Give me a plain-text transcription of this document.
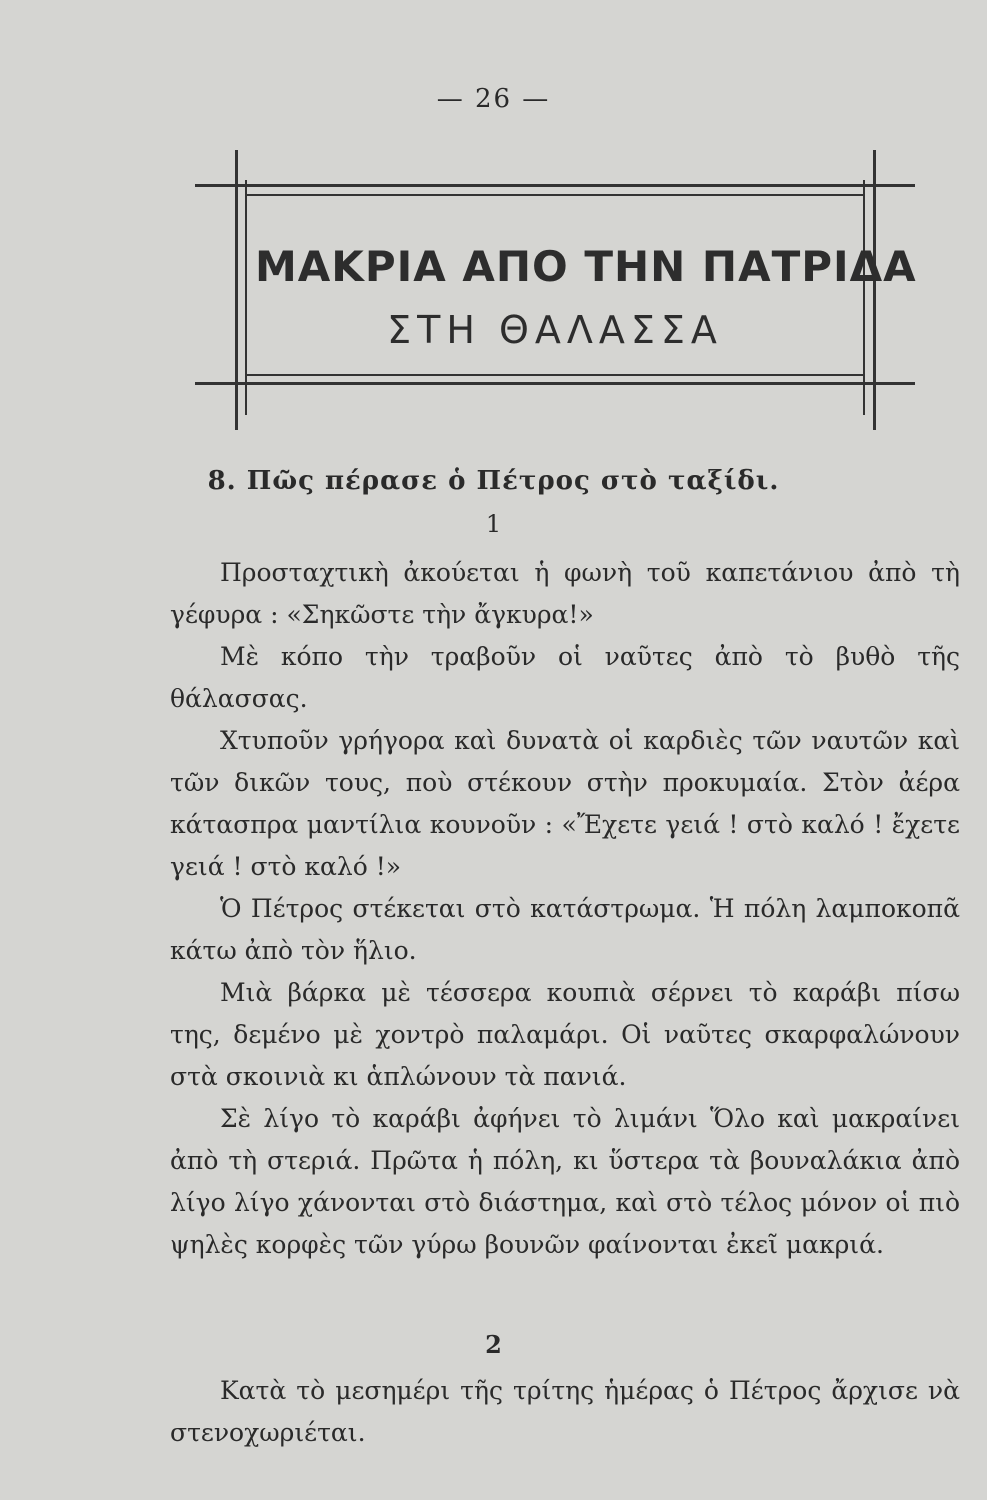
— 26 —
ΜΑΚΡΙΑ ΑΠΟ ΤΗΝ ΠΑΤΡΙΔΑ
ΣΤΗ ΘΑΛΑΣΣΑ
8. Πῶς πέρασε ὁ Πέτρος στὸ ταξίδι.
1

Προσταχτικὴ ἀκούεται ἡ φωνὴ τοῦ καπετάνιου ἀπὸ τὴ γέφυρα : «Σηκῶστε τὴν ἄγκυρα!»

Μὲ κόπο τὴν τραβοῦν οἱ ναῦτες ἀπὸ τὸ βυθὸ τῆς θάλασσας.

Χτυποῦν γρήγορα καὶ δυνατὰ οἱ καρδιὲς τῶν ναυτῶν καὶ τῶν δικῶν τους, ποὺ στέκουν στὴν προκυμαία. Στὸν ἀέρα κάτασπρα μαντίλια κουνοῦν : «Ἔχετε γειά ! στὸ καλό ! ἔχετε γειά ! στὸ καλό !»

Ὁ Πέτρος στέκεται στὸ κατάστρωμα. Ἡ πόλη λαμποκοπᾶ κάτω ἀπὸ τὸν ἥλιο.

Μιὰ βάρκα μὲ τέσσερα κουπιὰ σέρνει τὸ καράβι πίσω της, δεμένο μὲ χοντρὸ παλαμάρι. Οἱ ναῦτες σκαρφαλώνουν στὰ σκοινιὰ κι ἁπλώνουν τὰ πανιά.

Σὲ λίγο τὸ καράβι ἀφήνει τὸ λιμάνι Ὅλο καὶ μακραίνει ἀπὸ τὴ στεριά. Πρῶτα ἡ πόλη, κι ὕστερα τὰ βουναλάκια ἀπὸ λίγο λίγο χάνονται στὸ διάστημα, καὶ στὸ τέλος μόνον οἱ πιὸ ψηλὲς κορφὲς τῶν γύρω βουνῶν φαίνονται ἐκεῖ μακριά.

2

Κατὰ τὸ μεσημέρι τῆς τρίτης ἡμέρας ὁ Πέτρος ἄρχισε νὰ στενοχωριέται.
